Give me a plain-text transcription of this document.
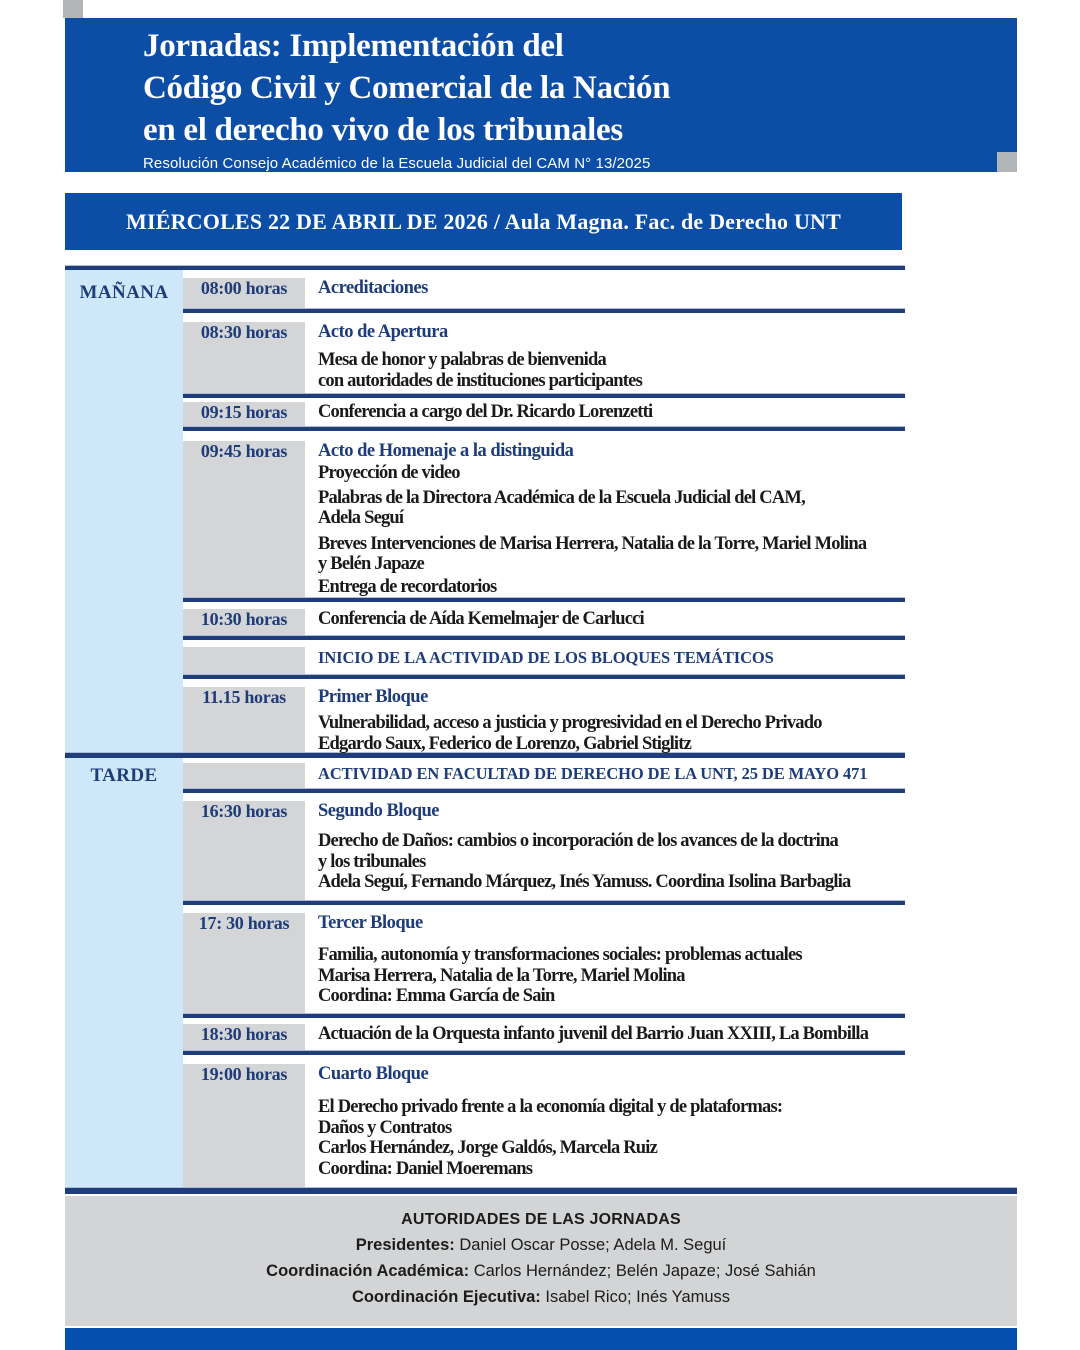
Jornadas: Implementación del
Código Civil y Comercial de la Nación
en el derecho vivo de los tribunales
Resolución Consejo Académico de la Escuela Judicial del CAM N° 13/2025
MIÉRCOLES 22 DE ABRIL DE 2026 / Aula Magna. Fac. de Derecho UNT
MAÑANA
TARDE
08:00 horas	Acreditaciones
08:30 horas	Acto de Apertura
Mesa de honor y palabras de bienvenida
con autoridades de instituciones participantes
09:15 horas	Conferencia a cargo del Dr. Ricardo Lorenzetti
09:45 horas	Acto de Homenaje a la distinguida
Proyección de video
Palabras de la Directora Académica de la Escuela Judicial del CAM,
Adela Seguí
Breves Intervenciones de Marisa Herrera, Natalia de la Torre, Mariel Molina
y Belén Japaze
Entrega de recordatorios
10:30 horas	Conferencia de Aída Kemelmajer de Carlucci
INICIO DE LA ACTIVIDAD DE LOS BLOQUES TEMÁTICOS
11.15 horas	Primer Bloque
Vulnerabilidad, acceso a justicia y progresividad en el Derecho Privado
Edgardo Saux, Federico de Lorenzo, Gabriel Stiglitz
ACTIVIDAD EN FACULTAD DE DERECHO DE LA UNT, 25 DE MAYO 471
16:30 horas	Segundo Bloque
Derecho de Daños: cambios o incorporación de los avances de la doctrina
y los tribunales
Adela Seguí, Fernando Márquez, Inés Yamuss. Coordina Isolina Barbaglia
17: 30 horas	Tercer Bloque
Familia, autonomía y transformaciones sociales: problemas actuales
Marisa Herrera, Natalia de la Torre, Mariel Molina
Coordina: Emma García de Sain
18:30 horas	Actuación de la Orquesta infanto juvenil del Barrio Juan XXIII, La Bombilla
19:00 horas	Cuarto Bloque
El Derecho privado frente a la economía digital y de plataformas:
Daños y Contratos
Carlos Hernández, Jorge Galdós, Marcela Ruiz
Coordina: Daniel Moeremans
AUTORIDADES DE LAS JORNADAS
Presidentes: Daniel Oscar Posse; Adela M. Seguí
Coordinación Académica: Carlos Hernández; Belén Japaze; José Sahián
Coordinación Ejecutiva: Isabel Rico; Inés Yamuss
